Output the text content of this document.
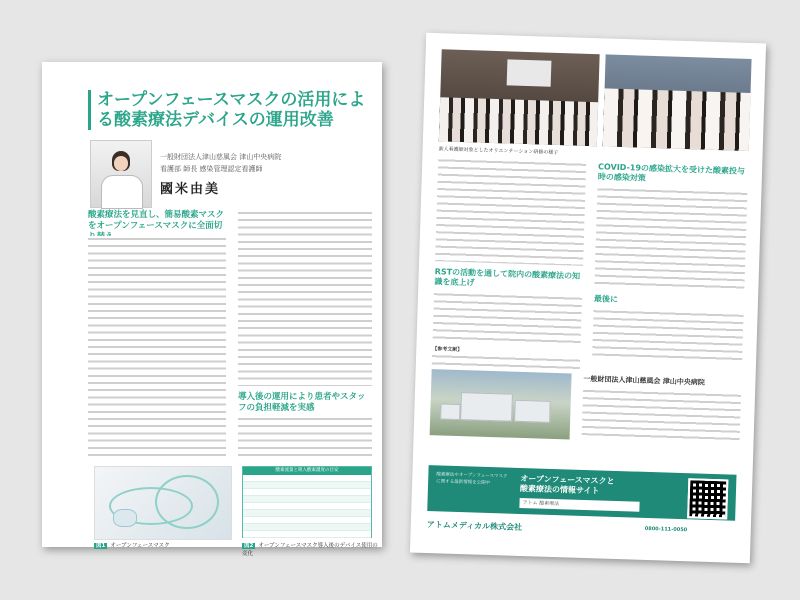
オープンフェースマスクの活用による酸素療法デバイスの運用改善
一般財団法人津山慈風会 津山中央病院
看護部 師長 感染管理認定看護師
國米由美
酸素療法を見直し、簡易酸素マスクをオープンフェースマスクに全面切
導入後の運用により患者やスタッフの負担軽減を実感
図1 オープンフェースマスク
酸素流量と吸入酸素濃度の目安
図2 オープンフェースマスク導入後のデバイス使用の変化
新人看護師対象としたオリエンテーション研修の様子
RSTの活動を通して院内の酸素療法の知識を底上げ
COVID-19の感染拡大を受けた酸素投与時の感染対策
最後に
【参考文献】
一般財団法人津山慈風会 津山中央病院
酸素療法やオープンフェースマスクに関する最新情報を公開中	オープンフェースマスクと
酸素療法の情報サイト
アトム 酸素療法
アトムメディカル株式会社	0800-111-0050
